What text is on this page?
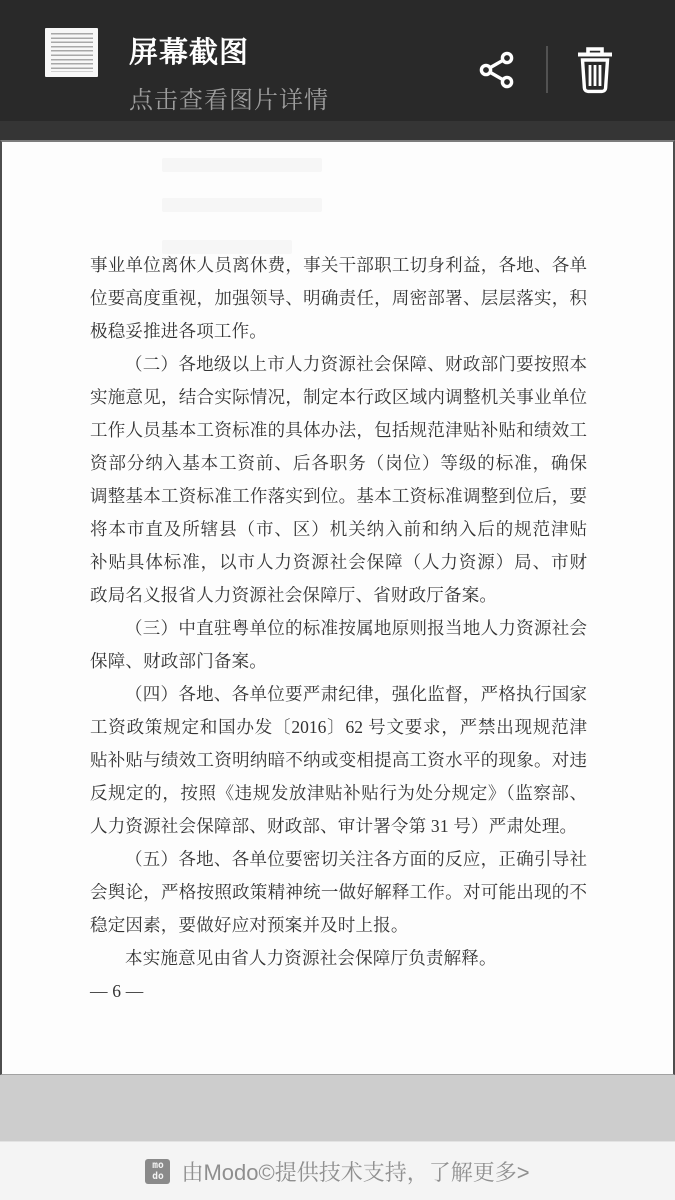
屏幕截图
点击查看图片详情
事业单位离休人员离休费，事关干部职工切身利益，各地、各单
位要高度重视，加强领导、明确责任，周密部署、层层落实，积
极稳妥推进各项工作。
（二）各地级以上市人力资源社会保障、财政部门要按照本
实施意见，结合实际情况，制定本行政区域内调整机关事业单位
工作人员基本工资标准的具体办法，包括规范津贴补贴和绩效工
资部分纳入基本工资前、后各职务（岗位）等级的标准，确保
调整基本工资标准工作落实到位。基本工资标准调整到位后，要
将本市直及所辖县（市、区）机关纳入前和纳入后的规范津贴
补贴具体标准，以市人力资源社会保障（人力资源）局、市财
政局名义报省人力资源社会保障厅、省财政厅备案。
（三）中直驻粤单位的标准按属地原则报当地人力资源社会
保障、财政部门备案。
（四）各地、各单位要严肃纪律，强化监督，严格执行国家
工资政策规定和国办发〔2016〕62 号文要求，严禁出现规范津
贴补贴与绩效工资明纳暗不纳或变相提高工资水平的现象。对违
反规定的，按照《违规发放津贴补贴行为处分规定》（监察部、
人力资源社会保障部、财政部、审计署令第 31 号）严肃处理。
（五）各地、各单位要密切关注各方面的反应，正确引导社
会舆论，严格按照政策精神统一做好解释工作。对可能出现的不
稳定因素，要做好应对预案并及时上报。
本实施意见由省人力资源社会保障厅负责解释。
— 6 —
mo
do 由Modo©提供技术支持，了解更多>
